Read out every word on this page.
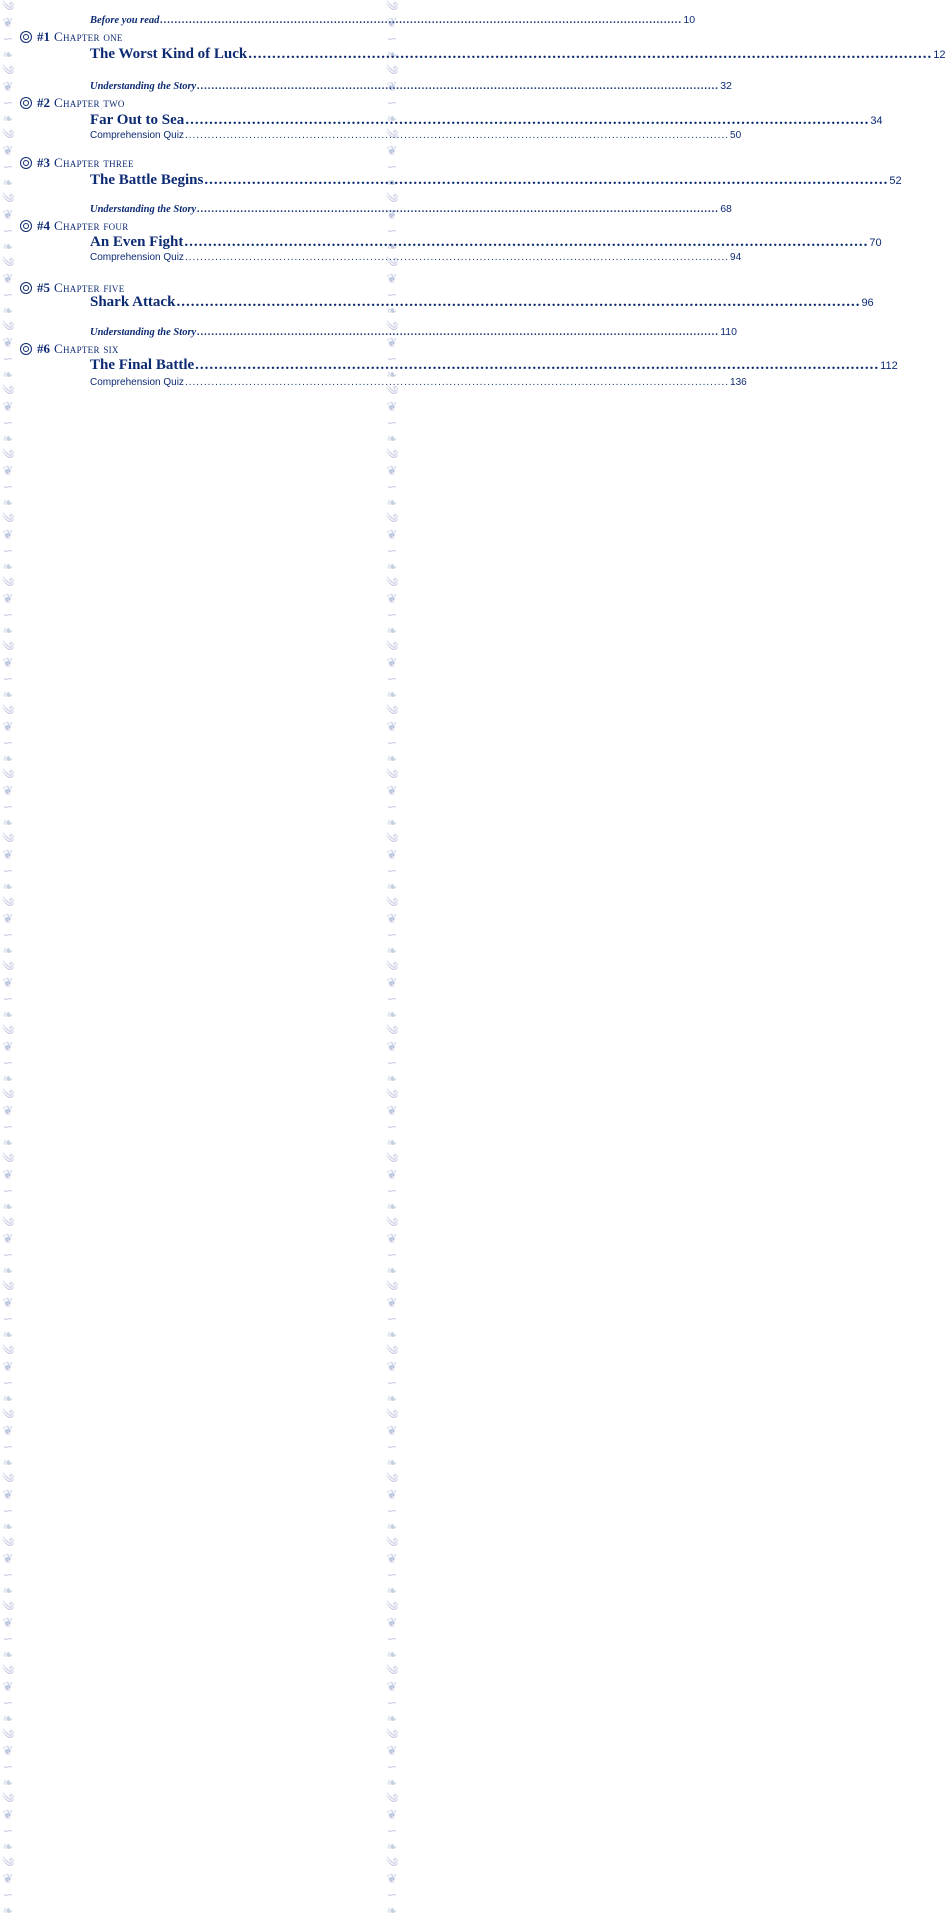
༄
❦
∽
❧
༄
❦
∽
❧
༄
❦
∽
❧
༄
❦
∽
❧
༄
❦
∽
❧
༄
❦
∽
❧
༄
❦
∽
❧
༄
❦
∽
❧
༄
❦
∽
❧
༄
❦
∽
❧
༄
❦
∽
❧
༄
❦
∽
❧
༄
❦
∽
❧
༄
❦
∽
❧
༄
❦
∽
❧
༄
❦
∽
❧
༄
❦
∽
❧
༄
❦
∽
❧
༄
❦
∽
❧
༄
❦
∽
❧
༄
❦
∽
❧
༄
❦
∽
❧
༄
❦
∽
❧
༄
❦
∽
❧
༄
❦
∽
❧
༄
❦
∽
❧
༄
❦
∽
❧
༄
❦
∽
❧
༄
❦
∽
❧
༄
❦
∽
❧

༄
❦
∽
❧
༄
❦
∽
❧
༄
❦
∽
❧
༄
❦
∽
❧
༄
❦
∽
❧
༄
❦
∽
❧
༄
❦
∽
❧
༄
❦
∽
❧
༄
❦
∽
❧
༄
❦
∽
❧
༄
❦
∽
❧
༄
❦
∽
❧
༄
❦
∽
❧
༄
❦
∽
❧
༄
❦
∽
❧
༄
❦
∽
❧
༄
❦
∽
❧
༄
❦
∽
❧
༄
❦
∽
❧
༄
❦
∽
❧
༄
❦
∽
❧
༄
❦
∽
❧
༄
❦
∽
❧
༄
❦
∽
❧
༄
❦
∽
❧
༄
❦
∽
❧
༄
❦
∽
❧
༄
❦
∽
❧
༄
❦
∽
❧
༄
❦
∽
❧

Before you read .....	10
#1 Chapter one
The Worst Kind of Luck .....	12
Understanding the Story .....	32
#2 Chapter two
Far Out to Sea .....	34
Comprehension Quiz .....	50
#3 Chapter three
The Battle Begins .....	52
Understanding the Story .....	68
#4 Chapter four
An Even Fight .....	70
Comprehension Quiz .....	94
#5 Chapter five
Shark Attack .....	96
Understanding the Story .....	110
#6 Chapter six
The Final Battle .....	112
Comprehension Quiz .....	136
